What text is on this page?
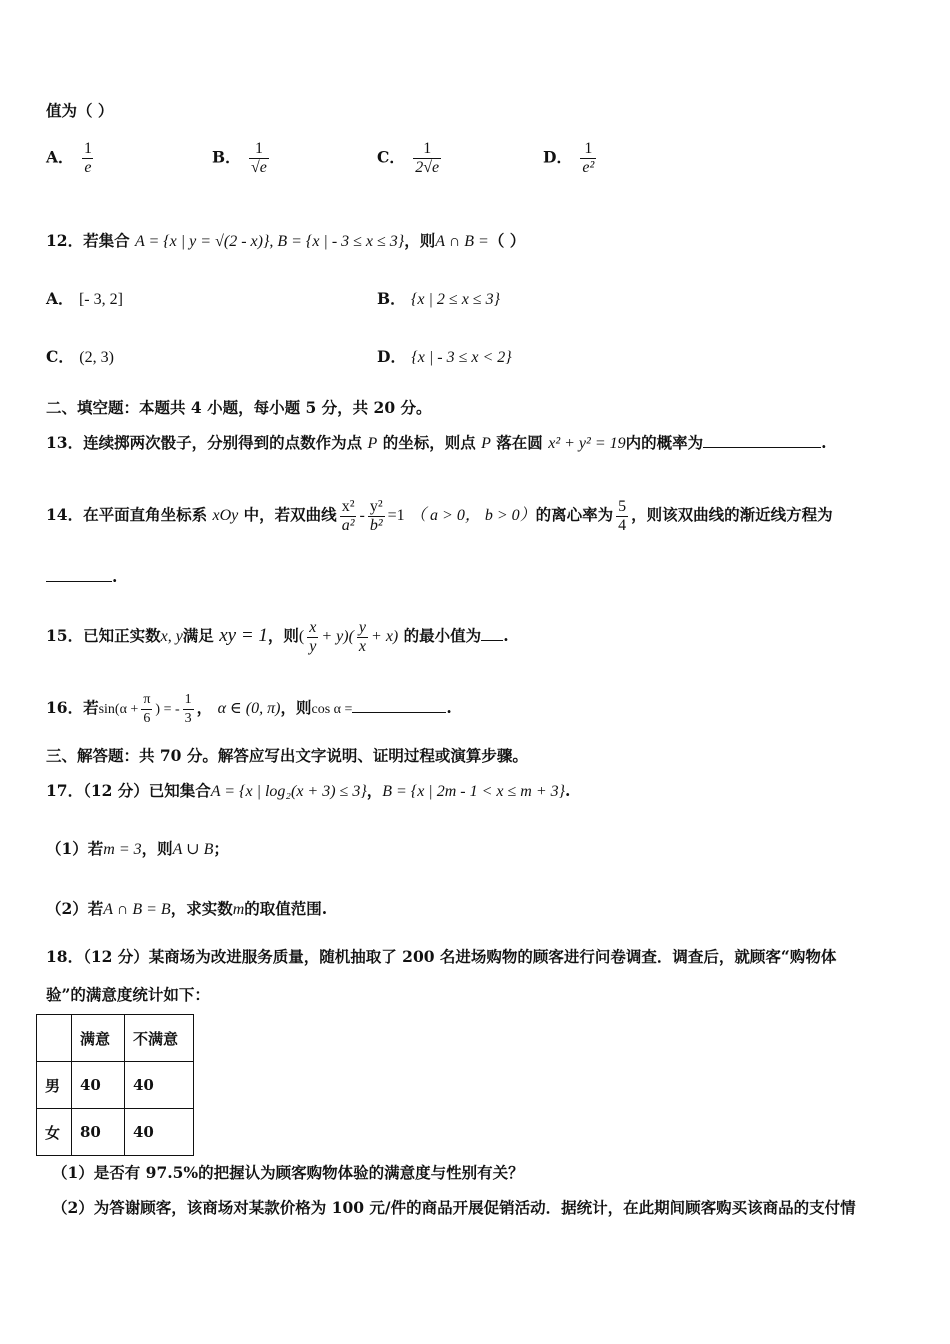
值为（ ）
A． $\frac{1}{e}$	B． $\frac{1}{√e}$	C． $\frac{1}{2√e}$	D． $\frac{1}{\text{e²}}$
12．若集合 A = {x | y = √(2 - x)}, B = {x | - 3 ≤ x ≤ 3}，则A ∩ B =（ ）
A． [- 3, 2]	B． {x | 2 ≤ x ≤ 3}
C． (2, 3)	D． {x | - 3 ≤ x < 2}
二、填空题：本题共 4 小题，每小题 5 分，共 20 分。
13．连续掷两次骰子，分别得到的点数作为点 P 的坐标，则点 P 落在圆 x² + y² = 19内的概率为	.
14．在平面直角坐标系 xOy 中，若双曲线 $\frac{\text{x²}}{\text{a²}} - \frac{\text{y²}}{\text{b²}} =1$ （ a > 0， b > 0）的离心率为 $\frac{5}{4}$ ，则该双曲线的渐近线方程为
.
15．已知正实数x, y满足 xy = 1，则( $\frac{x}{y} + y)( \frac{y}{x} + x)$ 的最小值为 .
16．若$\sin(\alpha + \frac{\pi}{6}$ ) = - $\frac{1}{3}$ ， α ∈ (0, π)，则cos α =	.
三、解答题：共 70 分。解答应写出文字说明、证明过程或演算步骤。
17．（12 分）已知集合A = {x | log₂(x + 3) ≤ 3}，B = {x | 2m - 1 < x ≤ m + 3}.
（1）若m = 3，则A ∪ B；
（2）若A ∩ B = B，求实数m的取值范围.
18．（12 分）某商场为改进服务质量，随机抽取了 200 名进场购物的顾客进行问卷调查．调查后，就顾客“购物体
验”的满意度统计如下：
	满意	不满意
男	40	40
女	80	40
（1）是否有 97.5%的把握认为顾客购物体验的满意度与性别有关？
（2）为答谢顾客，该商场对某款价格为 100 元/件的商品开展促销活动．据统计，在此期间顾客购买该商品的支付情
